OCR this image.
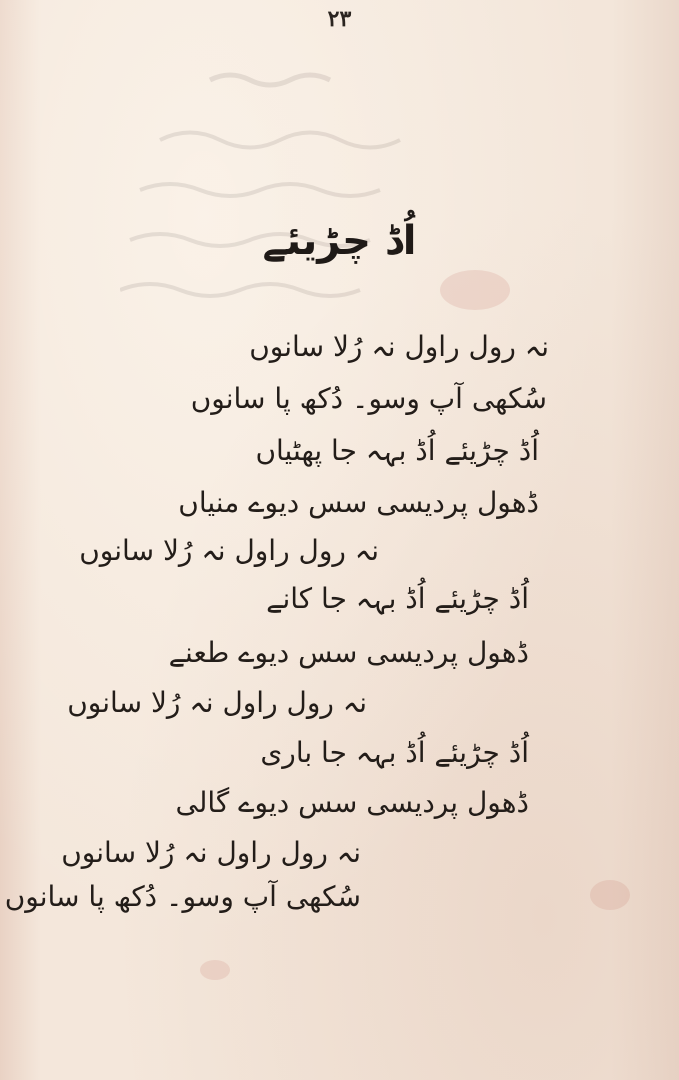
۲۳
اُڈ چڑیئے
نہ رول راول نہ رُلا سانوں
سُکھی آپ وسو۔ دُکھ پا سانوں
اُڈ چڑیئے اُڈ بہہ جا پھٹیاں
ڈھول پردیسی سس دیوے منیاں
نہ رول راول نہ رُلا سانوں
اُڈ چڑیئے اُڈ بہہ جا کانے
ڈھول پردیسی سس دیوے طعنے
نہ رول راول نہ رُلا سانوں
اُڈ چڑیئے اُڈ بہہ جا باری
ڈھول پردیسی سس دیوے گالی
نہ رول راول نہ رُلا سانوں
سُکھی آپ وسو۔ دُکھ پا سانوں
